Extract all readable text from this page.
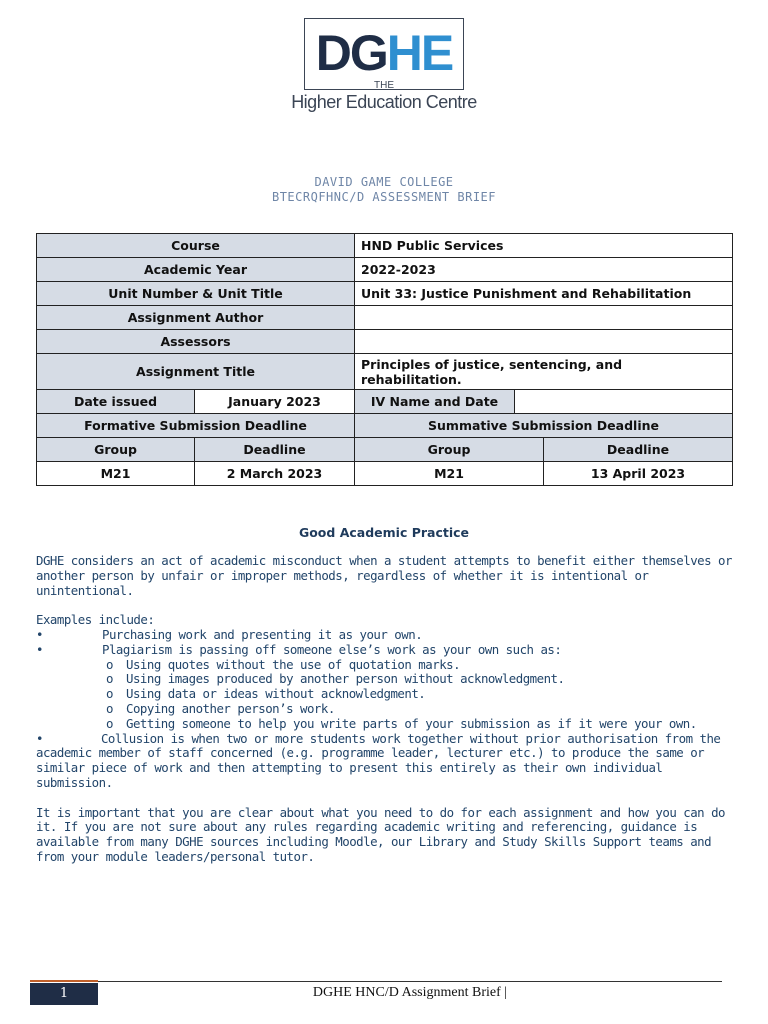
DGHE
THE
Higher Education Centre
DAVID GAME COLLEGE
BTECRQFHNC/D ASSESSMENT BRIEF
Course		HND Public Services		
Academic Year		2022-2023		
Unit Number & Unit Title		Unit 33: Justice Punishment and Rehabilitation		
Assignment Author				
Assessors				
Assignment Title		Principles of justice, sentencing, and rehabilitation.		
Date issued	January 2023	IV Name and Date		
Formative Submission Deadline		Summative Submission Deadline		
Group	Deadline	Group		Deadline
M21	2 March 2023	M21		13 April 2023
Good Academic Practice

DGHE considers an act of academic misconduct when a student attempts to benefit either themselves or another person by unfair or improper methods, regardless of whether it is intentional or unintentional.

Examples include:

•	Purchasing work and presenting it as your own.
•	Plagiarism is passing off someone else’s work as your own such as:
o	Using quotes without the use of quotation marks.
o	Using images produced by another person without acknowledgment.
o	Using data or ideas without acknowledgment.
o	Copying another person’s work.
o	Getting someone to help you write parts of your submission as if it were your own.

•	Collusion is when two or more students work together without prior authorisation from the academic member of staff concerned (e.g. programme leader, lecturer etc.) to produce the same or similar piece of work and then attempting to present this entirely as their own individual submission.

It is important that you are clear about what you need to do for each assignment and how you can do it. If you are not sure about any rules regarding academic writing and referencing, guidance is available from many DGHE sources including Moodle, our Library and Study Skills Support teams and from your module leaders/personal tutor.

1	DGHE HNC/D Assignment Brief |
